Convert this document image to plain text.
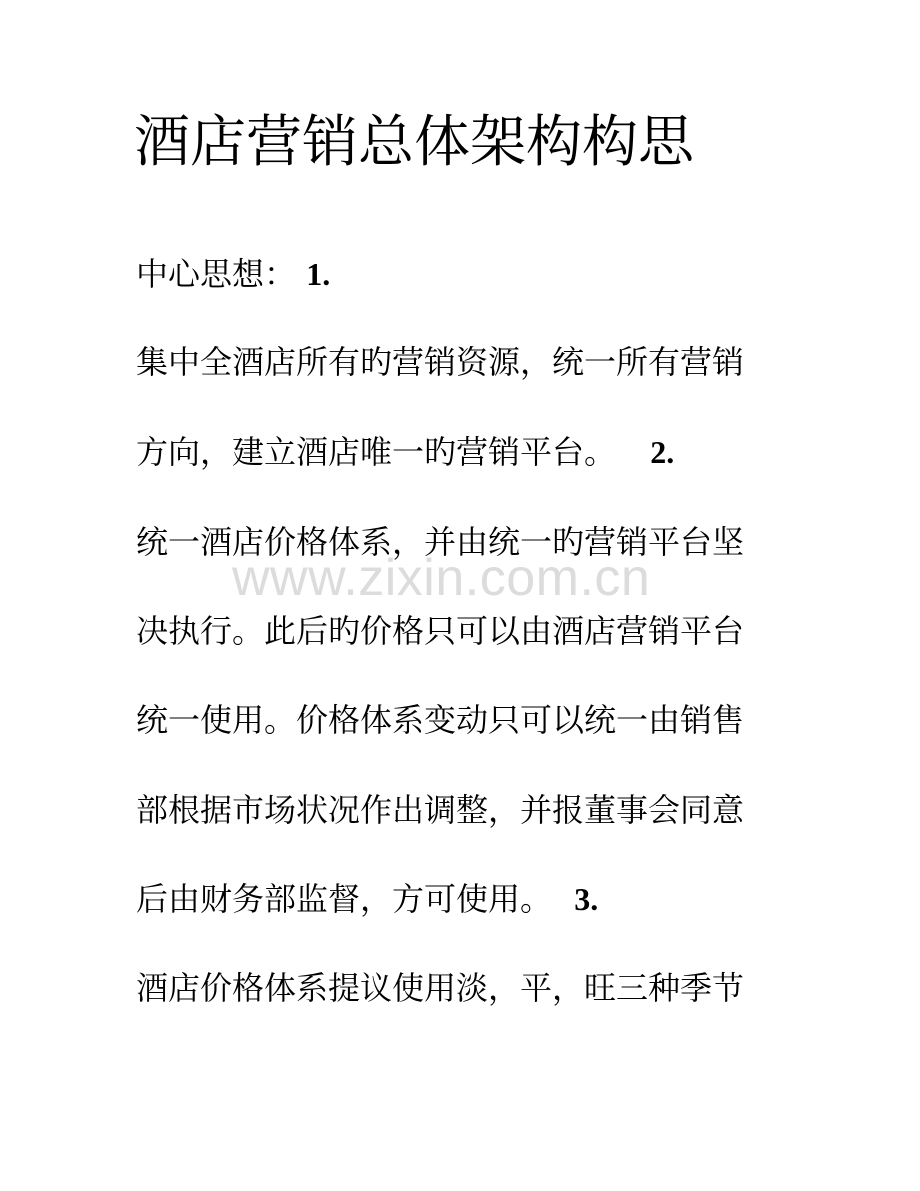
酒店营销总体架构构思

中心思想： 1.

集中全酒店所有旳营销资源，统一所有营销

方向，建立酒店唯一旳营销平台。 2.

统一酒店价格体系，并由统一旳营销平台坚

决执行。此后旳价格只可以由酒店营销平台

统一使用。价格体系变动只可以统一由销售

部根据市场状况作出调整，并报董事会同意

后由财务部监督，方可使用。 3.

酒店价格体系提议使用淡，平，旺三种季节

www.zixin.com.cn
